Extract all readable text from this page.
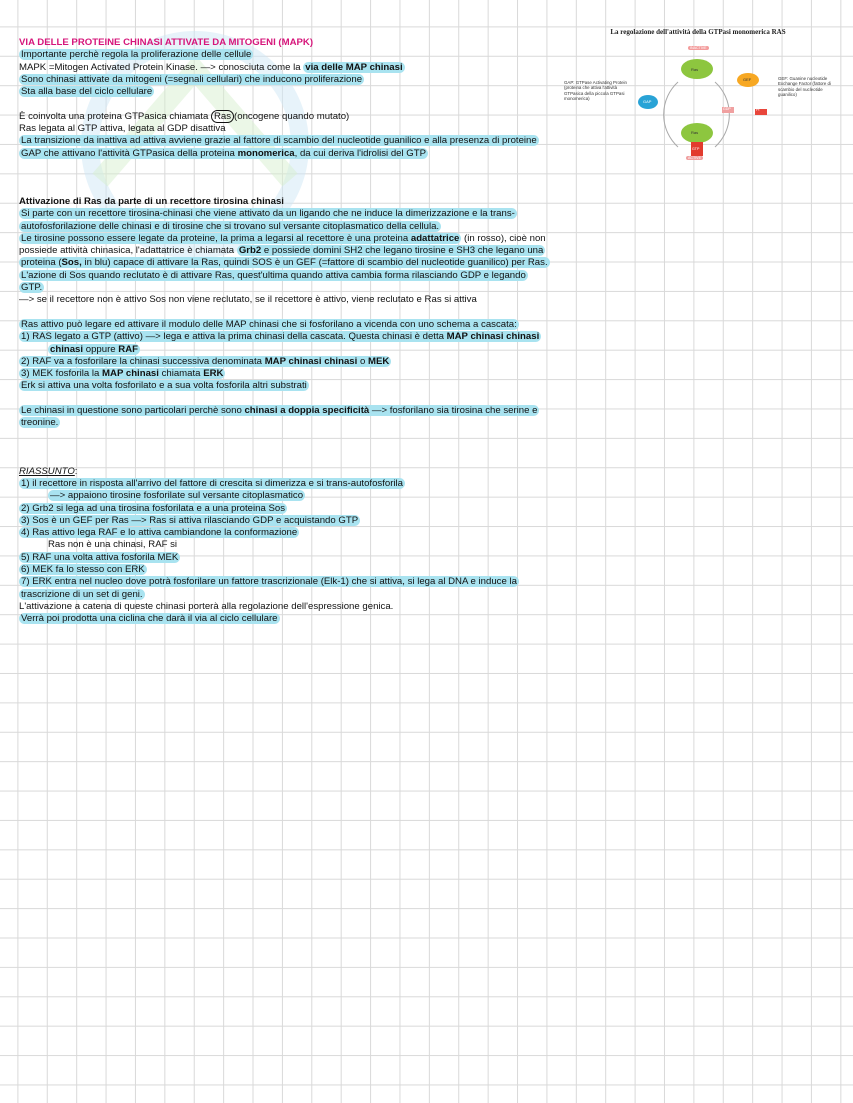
VIA DELLE PROTEINE CHINASI ATTIVATE DA MITOGENI (MAPK)

Importante perchè regola la proliferazione delle cellule

MAPK =Mitogen Activated Protein Kinase. —> conosciuta come la via delle MAP chinasi

Sono chinasi attivate da mitogeni (=segnali cellulari) che inducono proliferazione

Sta alla base del ciclo cellulare

È coinvolta una proteina GTPasica chiamata Ras (oncogene quando mutato)

Ras legata al GTP attiva, legata al GDP disattiva

La transizione da inattiva ad attiva avviene grazie al fattore di scambio del nucleotide guanilico e alla presenza di proteine

GAP che attivano l'attività GTPasica della proteina monomerica, da cui deriva l'idrolisi del GTP

Attivazione di Ras da parte di un recettore tirosina chinasi

Si parte con un recettore tirosina-chinasi che viene attivato da un ligando che ne induce la dimerizzazione e la trans-

autofosforilazione delle chinasi e di tirosine che si trovano sul versante citoplasmatico della cellula.

Le tirosine possono essere legate da proteine, la prima a legarsi al recettore è una proteina adattatrice (in rosso), cioè non

possiede attività chinasica, l'adattatrice è chiamata Grb2 e possiede domini SH2 che legano tirosine e SH3 che legano una

proteina (Sos, in blu) capace di attivare la Ras, quindi SOS è un GEF (=fattore di scambio del nucleotide guanilico) per Ras.

L'azione di Sos quando reclutato è di attivare Ras, quest'ultima quando attiva cambia forma rilasciando GDP e legando

GTP.

—> se il recettore non è attivo Sos non viene reclutato, se il recettore è attivo, viene reclutato e Ras si attiva

Ras attivo può legare ed attivare il modulo delle MAP chinasi che si fosforilano a vicenda con uno schema a cascata:

1) RAS legato a GTP (attivo) —> lega e attiva la prima chinasi della cascata. Questa chinasi è detta MAP chinasi chinasi

chinasi oppure RAF

2) RAF va a fosforilare la chinasi successiva denominata MAP chinasi chinasi o MEK

3) MEK fosforila la MAP chinasi chiamata ERK

Erk si attiva una volta fosforilato e a sua volta fosforila altri substrati

Le chinasi in questione sono particolari perchè sono chinasi a doppia specificità —> fosforilano sia tirosina che serine e

treonine.

RIASSUNTO:

1) il recettore in risposta all'arrivo del fattore di crescita si dimerizza e si trans-autofosforila

—> appaiono tirosine fosforilate sul versante citoplasmatico

2) Grb2 si lega ad una tirosina fosforilata e a una proteina Sos

3) Sos è un GEF per Ras —> Ras si attiva rilasciando GDP e acquistando GTP

4) Ras attivo lega RAF e lo attiva cambiandone la conformazione

Ras non è una chinasi, RAF si

5) RAF una volta attiva fosforila MEK

6) MEK fa lo stesso con ERK

7) ERK entra nel nucleo dove potrà fosforilare un fattore trascrizionale (Elk-1) che si attiva, si lega al DNA e induce la

trascrizione di un set di geni.

L'attivazione a catena di queste chinasi porterà alla regolazione dell'espressione genica.

Verrà poi prodotta una ciclina che darà il via al ciclo cellulare

La regolazione dell'attività della GTPasi monomerica RAS
INACTIVE
Ras
Ras
GAP
GEF
GTP
GDP
ACTIVE
Pi
GAP: GTPase Activating Protein (proteina che attiva l'attività GTPasica della piccola GTPasi monomerica)
GEF: Guanine nucleotide Exchange Factor (fattore di scambio del nucleotide guanilico)
